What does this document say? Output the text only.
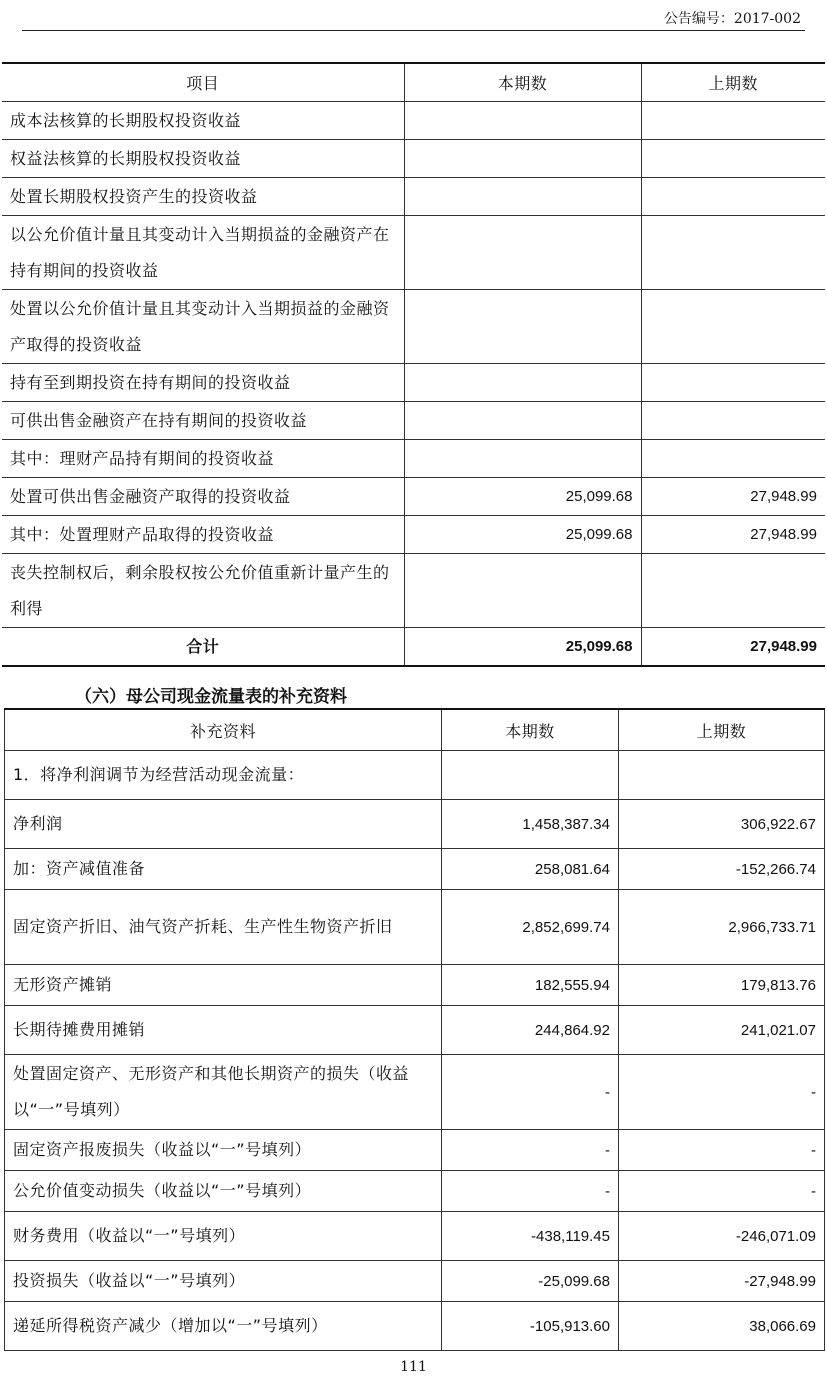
公告编号：2017-002
项目	本期数	上期数
成本法核算的长期股权投资收益		
权益法核算的长期股权投资收益		
处置长期股权投资产生的投资收益		
以公允价值计量且其变动计入当期损益的金融资产在持有期间的投资收益		
处置以公允价值计量且其变动计入当期损益的金融资产取得的投资收益		
持有至到期投资在持有期间的投资收益		
可供出售金融资产在持有期间的投资收益		
其中：理财产品持有期间的投资收益		
处置可供出售金融资产取得的投资收益	25,099.68	27,948.99
其中：处置理财产品取得的投资收益	25,099.68	27,948.99
丧失控制权后，剩余股权按公允价值重新计量产生的利得		
合计	25,099.68	27,948.99
（六）母公司现金流量表的补充资料
补充资料	本期数	上期数
1．将净利润调节为经营活动现金流量：		
净利润	1,458,387.34	306,922.67
加：资产减值准备	258,081.64	-152,266.74
固定资产折旧、油气资产折耗、生产性生物资产折旧	2,852,699.74	2,966,733.71
无形资产摊销	182,555.94	179,813.76
长期待摊费用摊销	244,864.92	241,021.07
处置固定资产、无形资产和其他长期资产的损失（收益以“一”号填列）	-	-
固定资产报废损失（收益以“一”号填列）	-	-
公允价值变动损失（收益以“一”号填列）	-	-
财务费用（收益以“一”号填列）	-438,119.45	-246,071.09
投资损失（收益以“一”号填列）	-25,099.68	-27,948.99
递延所得税资产减少（增加以“一”号填列）	-105,913.60	38,066.69
111
